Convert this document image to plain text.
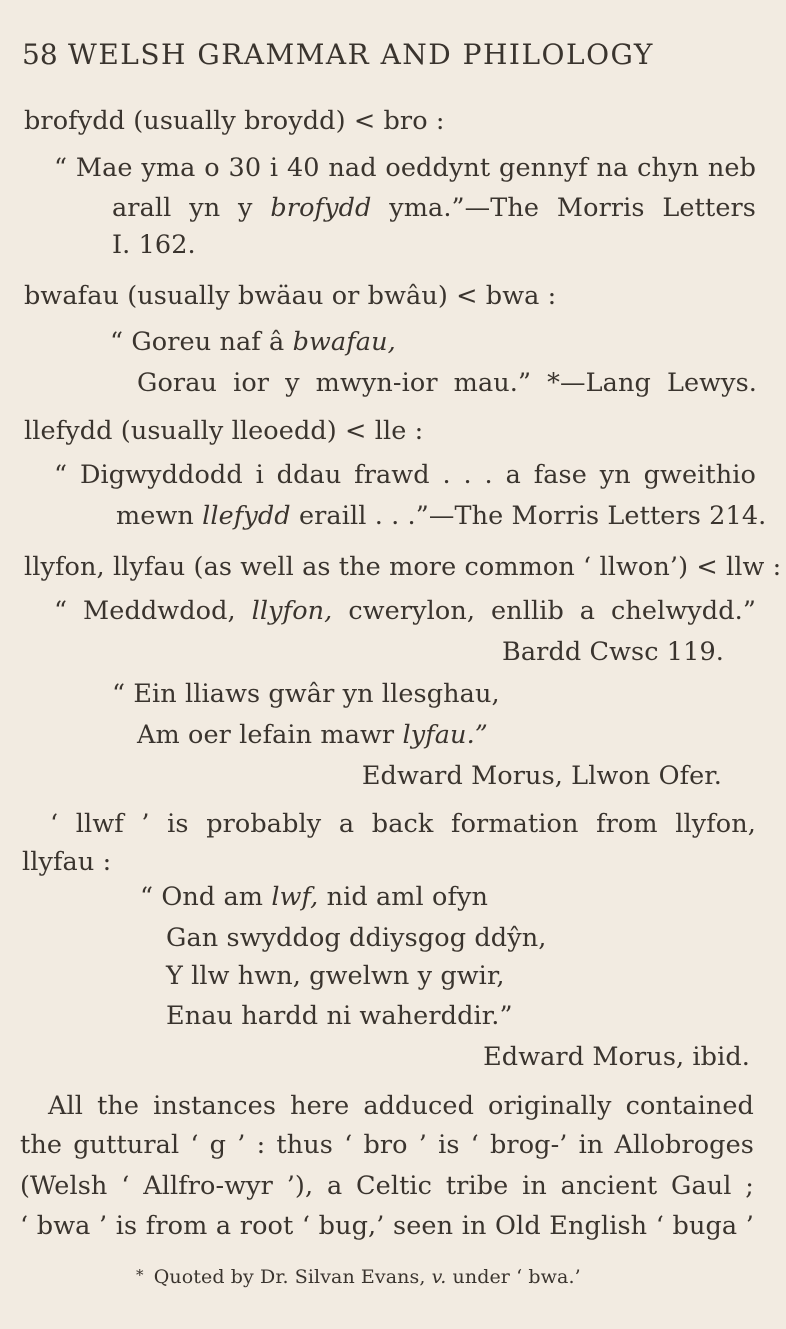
58 WELSH GRAMMAR AND PHILOLOGY
brofydd (usually broydd) < bro :
“ Mae yma o 30 i 40 nad oeddynt gennyf na chyn neb
arall yn y brofydd yma.”—The Morris Letters
I. 162.
bwafau (usually bwäau or bwâu) < bwa :
“ Goreu naf â bwafau,
Gorau ior y mwyn-ior mau.” *—Lang Lewys.
llefydd (usually lleoedd) < lle :
“ Digwyddodd i ddau frawd . . . a fase yn gweithio
mewn llefydd eraill . . .”—The Morris Letters 214.
llyfon, llyfau (as well as the more common ‘ llwon’) < llw :
“ Meddwdod, llyfon, cwerylon, enllib a chelwydd.”
Bardd Cwsc 119.
“ Ein lliaws gwâr yn llesghau,
Am oer lefain mawr lyfau.”
Edward Morus, Llwon Ofer.
‘ llwf ’ is probably a back formation from llyfon,
llyfau :
“ Ond am lwf, nid aml ofyn
Gan swyddog ddiysgog ddŷn,
Y llw hwn, gwelwn y gwir,
Enau hardd ni waherddir.”
Edward Morus, ibid.
All the instances here adduced originally contained
the guttural ‘ g ’ : thus ‘ bro ’ is ‘ brog-’ in Allobroges
(Welsh ‘ Allfro-wyr ’), a Celtic tribe in ancient Gaul ;
‘ bwa ’ is from a root ‘ bug,’ seen in Old English ‘ buga ’
* Quoted by Dr. Silvan Evans, v. under ‘ bwa.’
